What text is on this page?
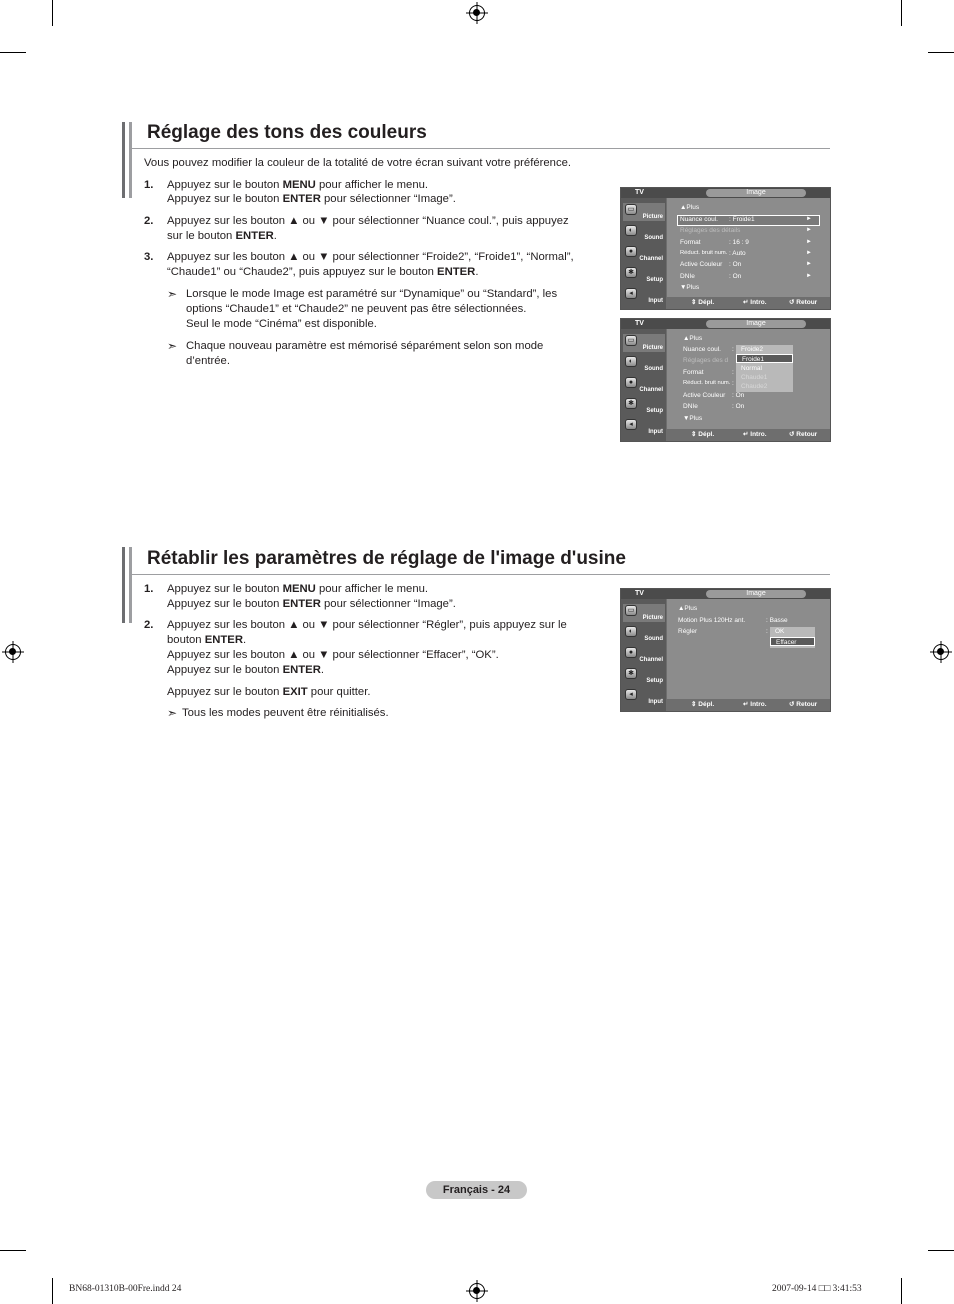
Réglage des tons des couleurs
Vous pouvez modifier la couleur de la totalité de votre écran suivant votre préférence.
1. Appuyez sur le bouton MENU pour afficher le menu.
Appuyez sur le bouton ENTER pour sélectionner “Image”.
2. Appuyez sur les bouton ▲ ou ▼ pour sélectionner “Nuance coul.”, puis appuyez
sur le bouton ENTER.
3. Appuyez sur les bouton ▲ ou ▼ pour sélectionner “Froide2”, “Froide1”, “Normal”,
“Chaude1” ou “Chaude2”, puis appuyez sur le bouton ENTER.
➣ Lorsque le mode Image est paramétré sur “Dynamique” ou “Standard”, les
options “Chaude1” et “Chaude2” ne peuvent pas être sélectionnées.
Seul le mode “Cinéma” est disponible.
➣ Chaque nouveau paramètre est mémorisé séparément selon son mode
d’entrée.
TV	Image
▭
Picture
◐
Sound
●
Channel
✱
Setup
◂
Input
▲Plus
Nuance coul. : Froide1
Réglages des détails
Format	: 16 : 9
Réduct. bruit num. : Auto
Active Couleur : On
DNIe	: On
▼Plus
►
►
►
►
►
►
⇕ Dépl.	↵ Intro.	↺ Retour
TV	Image
▭
Picture
◐
Sound
●
Channel
✱
Setup
◂
Input
▲Plus
Nuance coul. :
Réglages des d
Format	:
Réduct. bruit num. :
Active Couleur : On
DNIe	: On
▼Plus
Froide2
Froide1
Normal
Chaude1
Chaude2
⇕ Dépl.	↵ Intro.	↺ Retour
Rétablir les paramètres de réglage de l'image d'usine
1. Appuyez sur le bouton MENU pour afficher le menu.
Appuyez sur le bouton ENTER pour sélectionner “Image”.
2. Appuyez sur les bouton ▲ ou ▼ pour sélectionner “Régler”, puis appuyez sur le
bouton ENTER.
Appuyez sur les bouton ▲ ou ▼ pour sélectionner “Effacer”, “OK”.
Appuyez sur le bouton ENTER.
Appuyez sur le bouton EXIT pour quitter.
➣ Tous les modes peuvent être réinitialisés.
TV	Image
▭
Picture
◐
Sound
●
Channel
✱
Setup
◂
Input
▲Plus
Motion Plus 120Hz ant.	: Basse
Régler	:	OK
Effacer
⇕ Dépl.	↵ Intro.	↺ Retour
Français - 24
BN68-01310B-00Fre.indd 24	2007-09-14 □□ 3:41:53
